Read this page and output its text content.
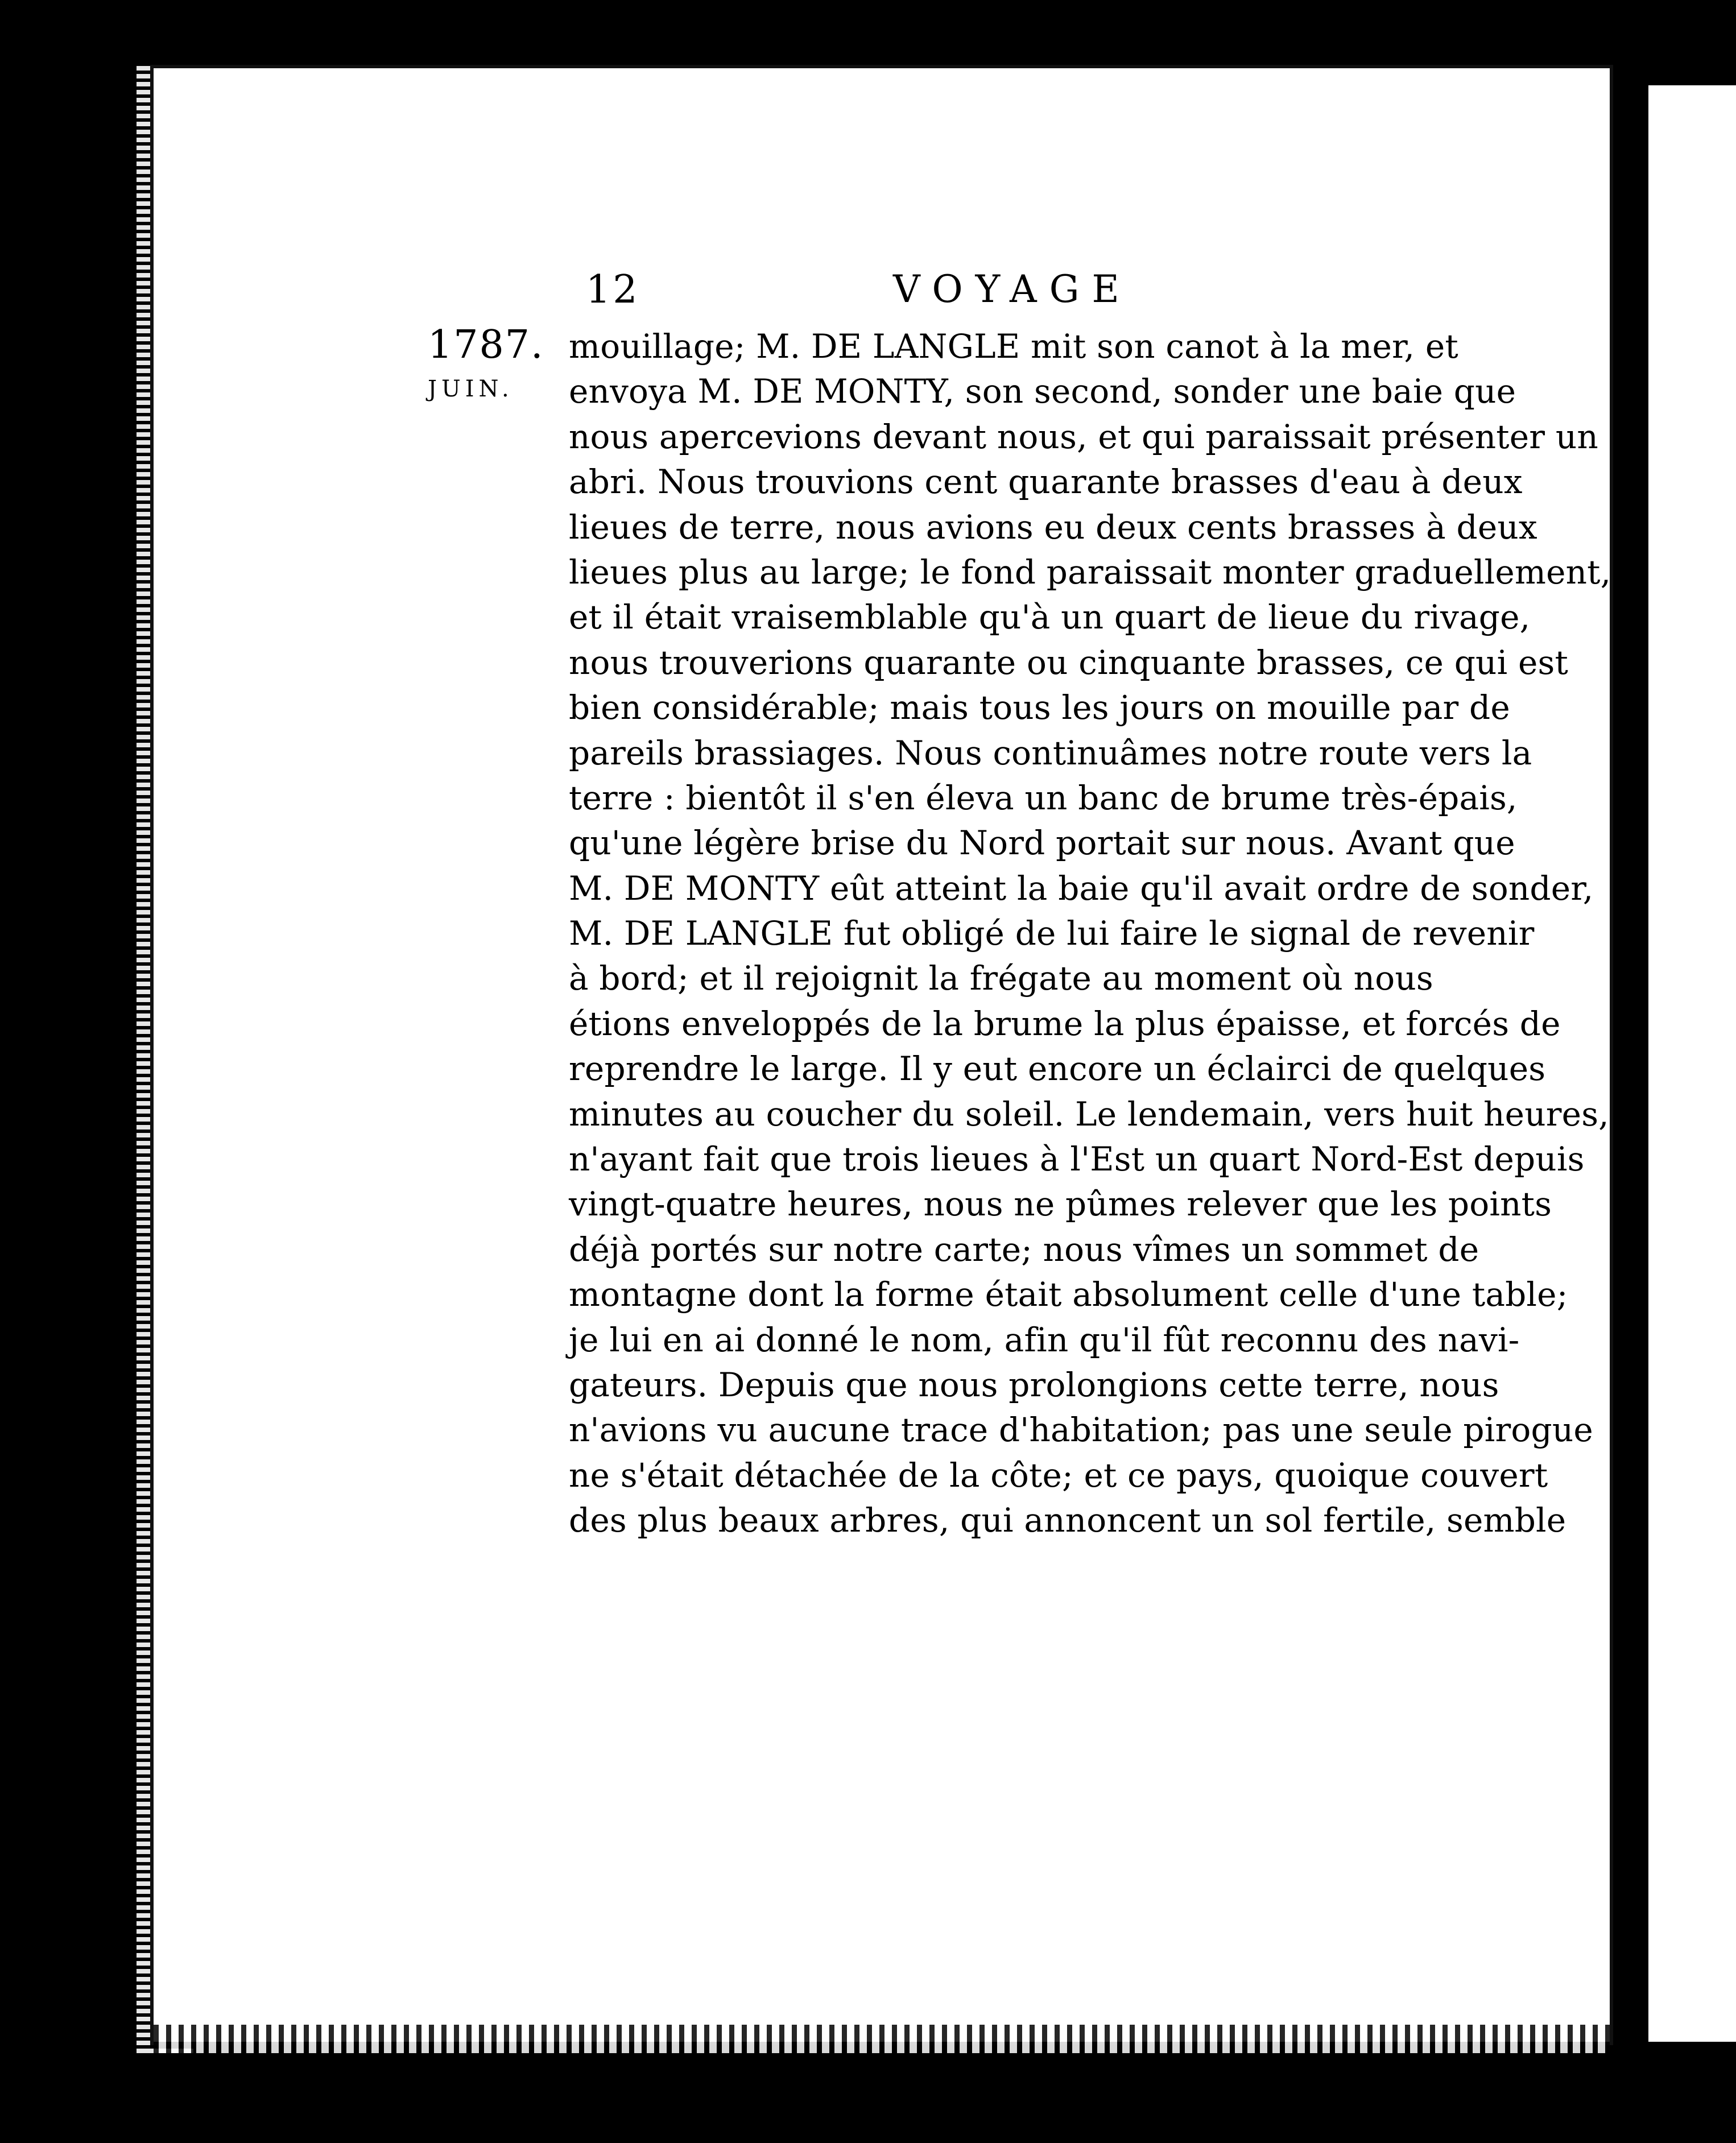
12	VOYAGE
1787.
JUIN.
mouillage; M. DE LANGLE mit son canot à la mer, et
envoya M. DE MONTY, son second, sonder une baie que
nous apercevions devant nous, et qui paraissait présenter un
abri. Nous trouvions cent quarante brasses d'eau à deux
lieues de terre, nous avions eu deux cents brasses à deux
lieues plus au large; le fond paraissait monter graduellement,
et il était vraisemblable qu'à un quart de lieue du rivage,
nous trouverions quarante ou cinquante brasses, ce qui est
bien considérable; mais tous les jours on mouille par de
pareils brassiages. Nous continuâmes notre route vers la
terre : bientôt il s'en éleva un banc de brume très-épais,
qu'une légère brise du Nord portait sur nous. Avant que
M. DE MONTY eût atteint la baie qu'il avait ordre de sonder,
M. DE LANGLE fut obligé de lui faire le signal de revenir
à bord; et il rejoignit la frégate au moment où nous
étions enveloppés de la brume la plus épaisse, et forcés de
reprendre le large. Il y eut encore un éclairci de quelques
minutes au coucher du soleil. Le lendemain, vers huit heures,
n'ayant fait que trois lieues à l'Est un quart Nord-Est depuis
vingt-quatre heures, nous ne pûmes relever que les points
déjà portés sur notre carte; nous vîmes un sommet de
montagne dont la forme était absolument celle d'une table;
je lui en ai donné le nom, afin qu'il fût reconnu des navi-
gateurs. Depuis que nous prolongions cette terre, nous
n'avions vu aucune trace d'habitation; pas une seule pirogue
ne s'était détachée de la côte; et ce pays, quoique couvert
des plus beaux arbres, qui annoncent un sol fertile, semble
